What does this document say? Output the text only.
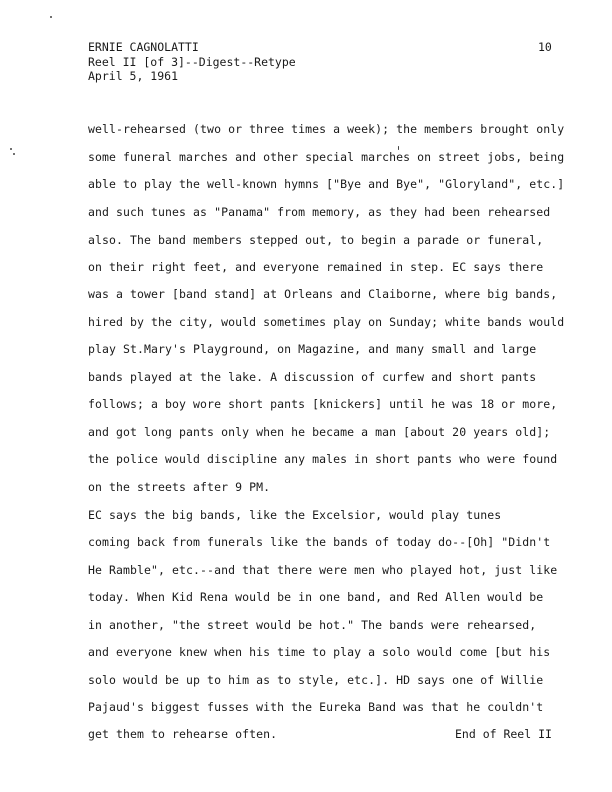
ERNIE CAGNOLATTI
Reel II [of 3]--Digest--Retype
April 5, 1961
10
well-rehearsed (two or three times a week); the members brought only
some funeral marches and other special marches on street jobs, being
able to play the well-known hymns ["Bye and Bye", "Gloryland", etc.]
and such tunes as "Panama" from memory, as they had been rehearsed
also. The band members stepped out, to begin a parade or funeral,
on their right feet, and everyone remained in step. EC says there
was a tower [band stand] at Orleans and Claiborne, where big bands,
hired by the city, would sometimes play on Sunday; white bands would
play St.Mary's Playground, on Magazine, and many small and large
bands played at the lake. A discussion of curfew and short pants
follows; a boy wore short pants [knickers] until he was 18 or more,
and got long pants only when he became a man [about 20 years old];
the police would discipline any males in short pants who were found
on the streets after 9 PM.
EC says the big bands, like the Excelsior, would play tunes
coming back from funerals like the bands of today do--[Oh] "Didn't
He Ramble", etc.--and that there were men who played hot, just like
today. When Kid Rena would be in one band, and Red Allen would be
in another, "the street would be hot." The bands were rehearsed,
and everyone knew when his time to play a solo would come [but his
solo would be up to him as to style, etc.]. HD says one of Willie
Pajaud's biggest fusses with the Eureka Band was that he couldn't
get them to rehearse often.	End of Reel II
